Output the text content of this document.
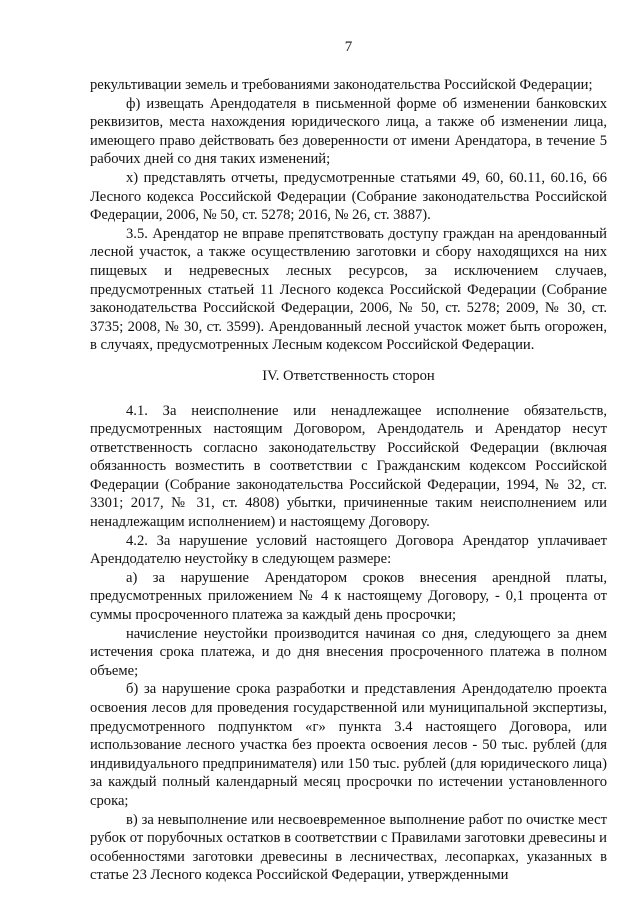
7

рекультивации земель и требованиями законодательства Российской Федерации;

ф) извещать Арендодателя в письменной форме об изменении банковских реквизитов, места нахождения юридического лица, а также об изменении лица, имеющего право действовать без доверенности от имени Арендатора, в течение 5 рабочих дней со дня таких изменений;

х) представлять отчеты, предусмотренные статьями 49, 60, 60.11, 60.16, 66 Лесного кодекса Российской Федерации (Собрание законодательства Российской Федерации, 2006, № 50, ст. 5278; 2016, № 26, ст. 3887).

3.5. Арендатор не вправе препятствовать доступу граждан на арендованный лесной участок, а также осуществлению заготовки и сбору находящихся на них пищевых и недревесных лесных ресурсов, за исключением случаев, предусмотренных статьей 11 Лесного кодекса Российской Федерации (Собрание законодательства Российской Федерации, 2006, № 50, ст. 5278; 2009, № 30, ст. 3735; 2008, № 30, ст. 3599). Арендованный лесной участок может быть огорожен, в случаях, предусмотренных Лесным кодексом Российской Федерации.

IV. Ответственность сторон

4.1. За неисполнение или ненадлежащее исполнение обязательств, предусмотренных настоящим Договором, Арендодатель и Арендатор несут ответственность согласно законодательству Российской Федерации (включая обязанность возместить в соответствии с Гражданским кодексом Российской Федерации (Собрание законодательства Российской Федерации, 1994, № 32, ст. 3301; 2017, № 31, ст. 4808) убытки, причиненные таким неисполнением или ненадлежащим исполнением) и настоящему Договору.

4.2. За нарушение условий настоящего Договора Арендатор уплачивает Арендодателю неустойку в следующем размере:

а) за нарушение Арендатором сроков внесения арендной платы, предусмотренных приложением № 4 к настоящему Договору, - 0,1 процента от суммы просроченного платежа за каждый день просрочки;

начисление неустойки производится начиная со дня, следующего за днем истечения срока платежа, и до дня внесения просроченного платежа в полном объеме;

б) за нарушение срока разработки и представления Арендодателю проекта освоения лесов для проведения государственной или муниципальной экспертизы, предусмотренного подпунктом «г» пункта 3.4 настоящего Договора, или использование лесного участка без проекта освоения лесов - 50 тыс. рублей (для индивидуального предпринимателя) или 150 тыс. рублей (для юридического лица) за каждый полный календарный месяц просрочки по истечении установленного срока;

в) за невыполнение или несвоевременное выполнение работ по очистке мест рубок от порубочных остатков в соответствии с Правилами заготовки древесины и особенностями заготовки древесины в лесничествах, лесопарках, указанных в статье 23 Лесного кодекса Российской Федерации, утвержденными
